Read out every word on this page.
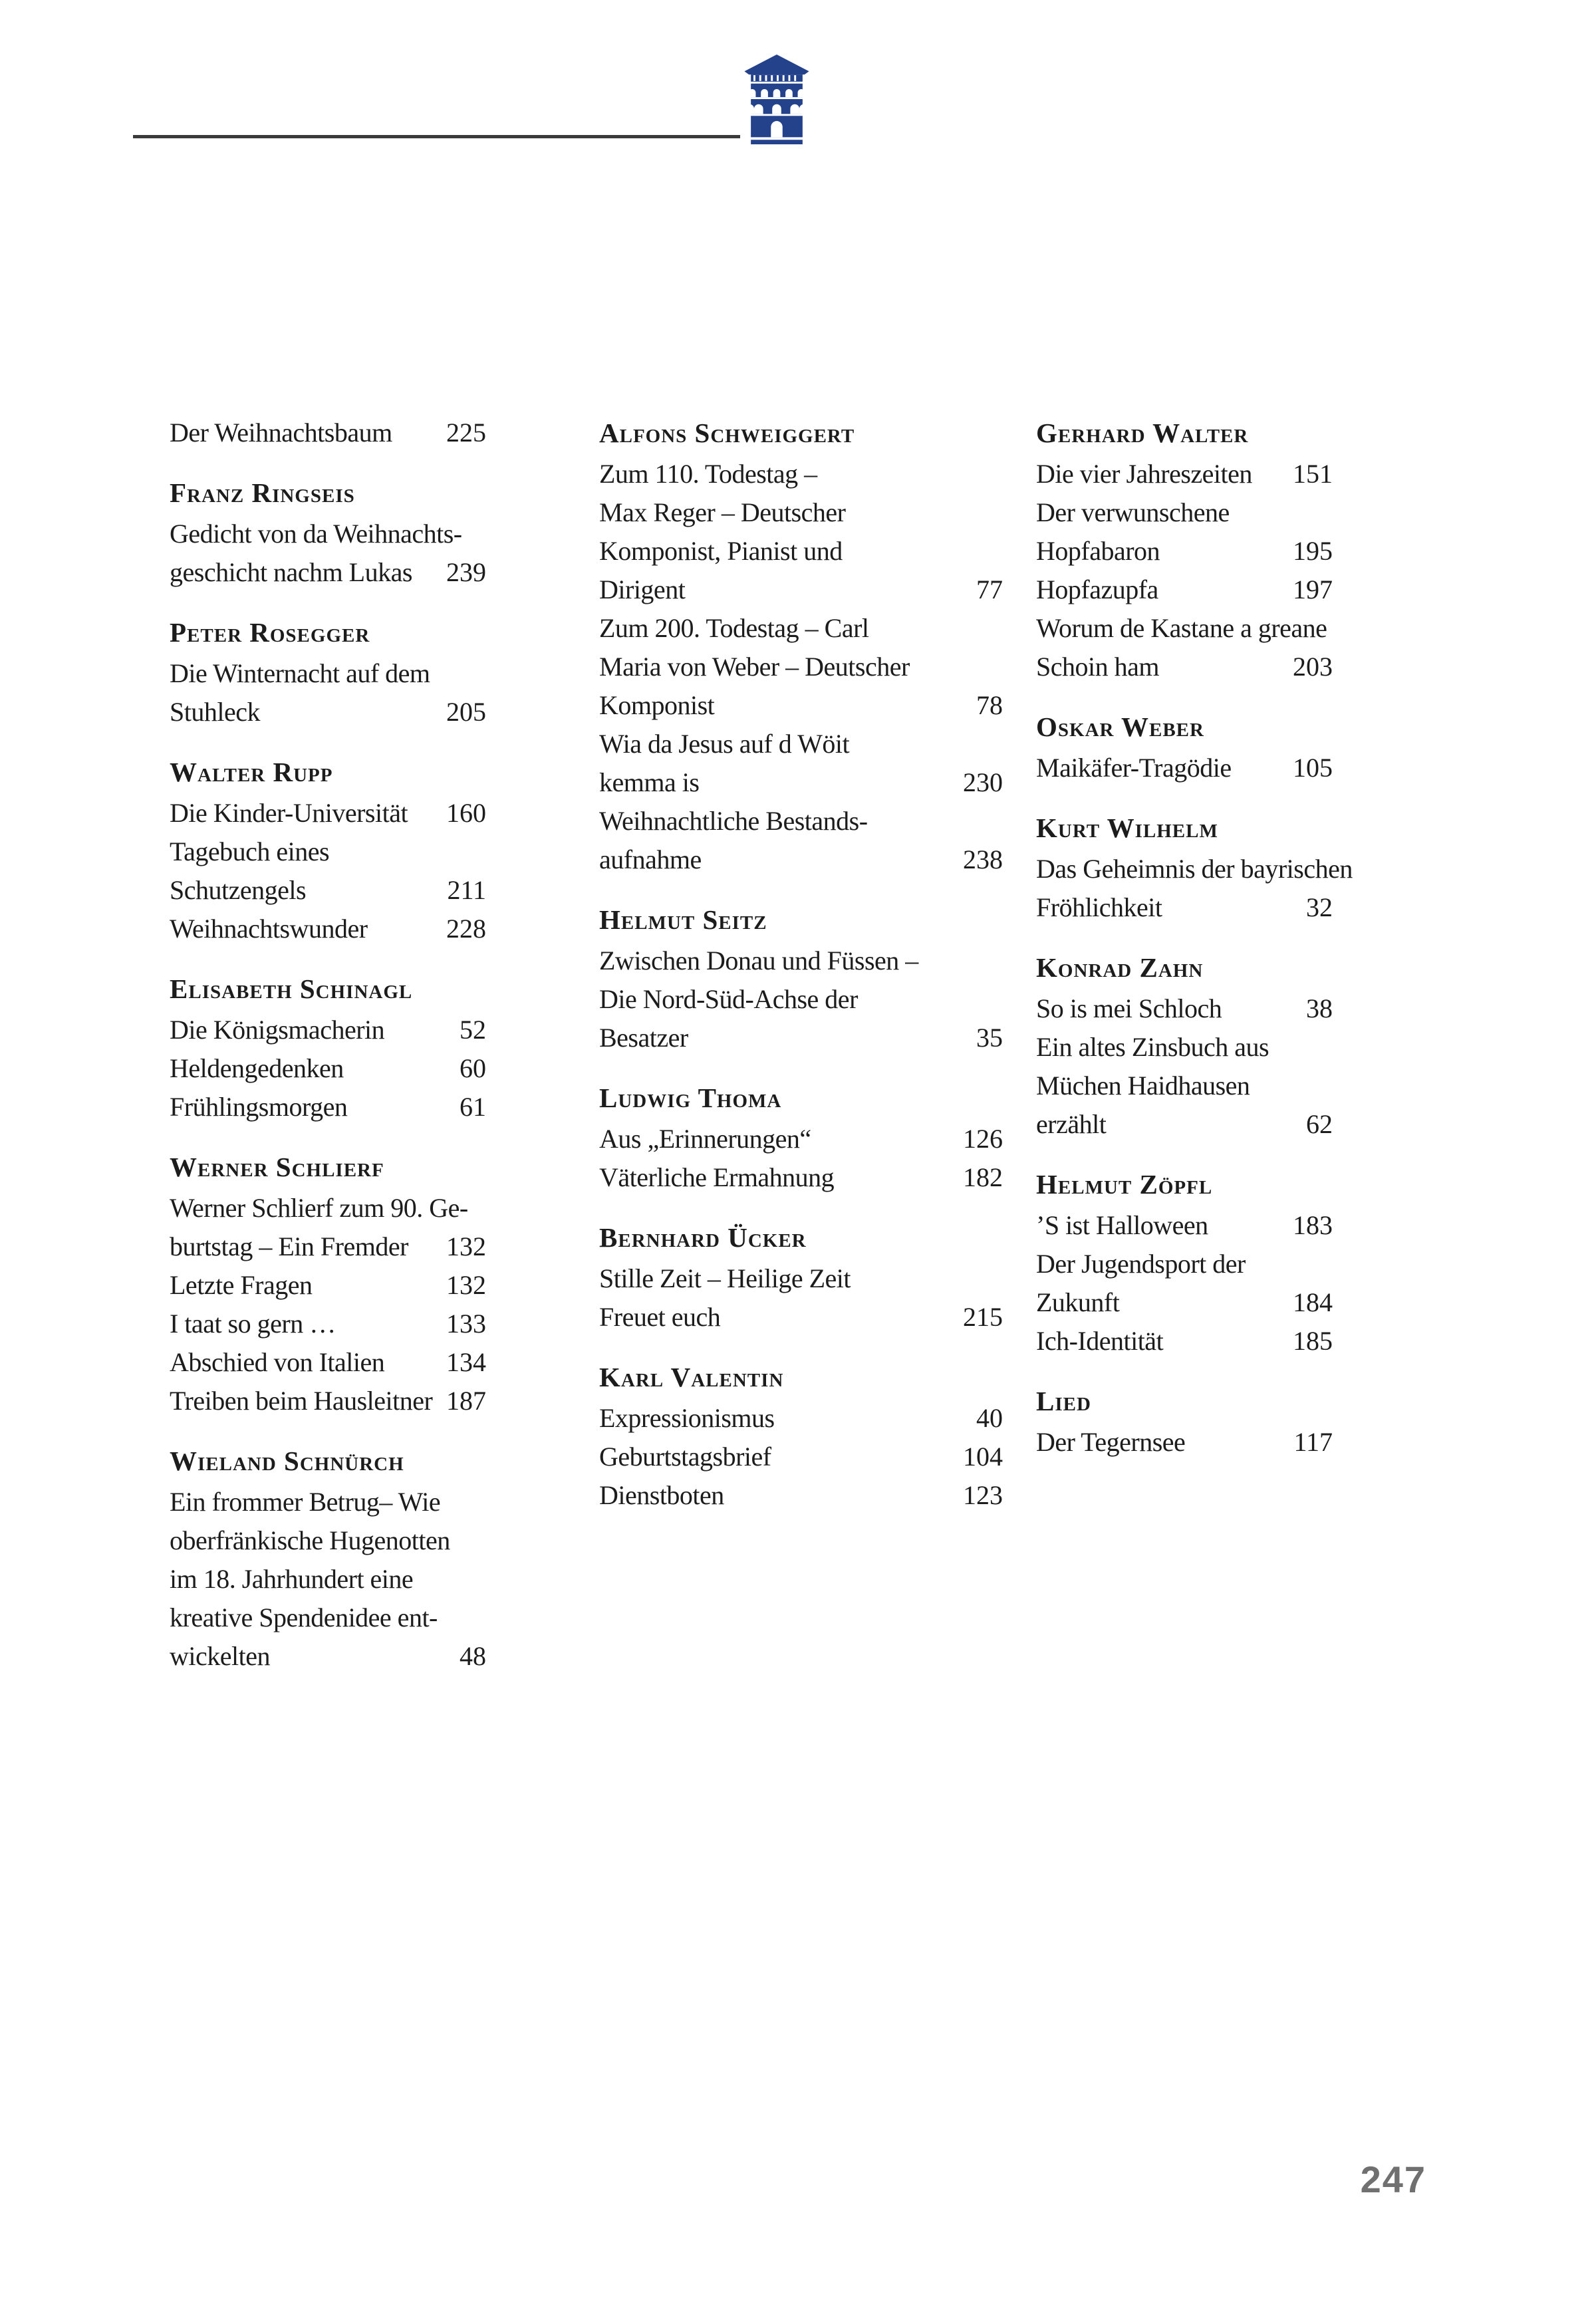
Der Weihnachtsbaum 225
Franz Ringseis
Gedicht von da Weihnachts-
geschicht nachm Lukas 239
Peter Rosegger
Die Winternacht auf dem
Stuhleck	205
Walter Rupp
Die Kinder-Universität 160
Tagebuch eines
Schutzengels	211
Weihnachtswunder	228
Elisabeth Schinagl
Die Königsmacherin	52
Heldengedenken	60
Frühlingsmorgen	61
Werner Schlierf
Werner Schlierf zum 90. Ge-
burtstag – Ein Fremder 132
Letzte Fragen	132
I taat so gern …	133
Abschied von Italien 134
Treiben beim Hausleitner 187
Wieland Schnürch
Ein frommer Betrug– Wie
oberfränkische Hugenotten
im 18. Jahrhundert eine
kreative Spendenidee ent-
wickelten	48
Alfons Schweiggert
Zum 110. Todestag –
Max Reger – Deutscher
Komponist, Pianist und
Dirigent	77
Zum 200. Todestag – Carl
Maria von Weber – Deutscher
Komponist	78
Wia da Jesus auf d Wöit
kemma is	230
Weihnachtliche Bestands-
aufnahme	238
Helmut Seitz
Zwischen Donau und Füssen –
Die Nord-Süd-Achse der
Besatzer	35
Ludwig Thoma
Aus „Erinnerungen“	126
Väterliche Ermahnung	182
Bernhard Ücker
Stille Zeit – Heilige Zeit
Freuet euch	215
Karl Valentin
Expressionismus	40
Geburtstagsbrief	104
Dienstboten	123
Gerhard Walter
Die vier Jahreszeiten 151
Der verwunschene
Hopfabaron	195
Hopfazupfa	197
Worum de Kastane a greane
Schoin ham	203
Oskar Weber
Maikäfer-Tragödie 105
Kurt Wilhelm
Das Geheimnis der bayrischen
Fröhlichkeit	32
Konrad Zahn
So is mei Schloch	38
Ein altes Zinsbuch aus
Müchen Haidhausen
erzählt	62
Helmut Zöpfl
’S ist Halloween	183
Der Jugendsport der
Zukunft	184
Ich-Identität	185
Lied
Der Tegernsee	117
247
